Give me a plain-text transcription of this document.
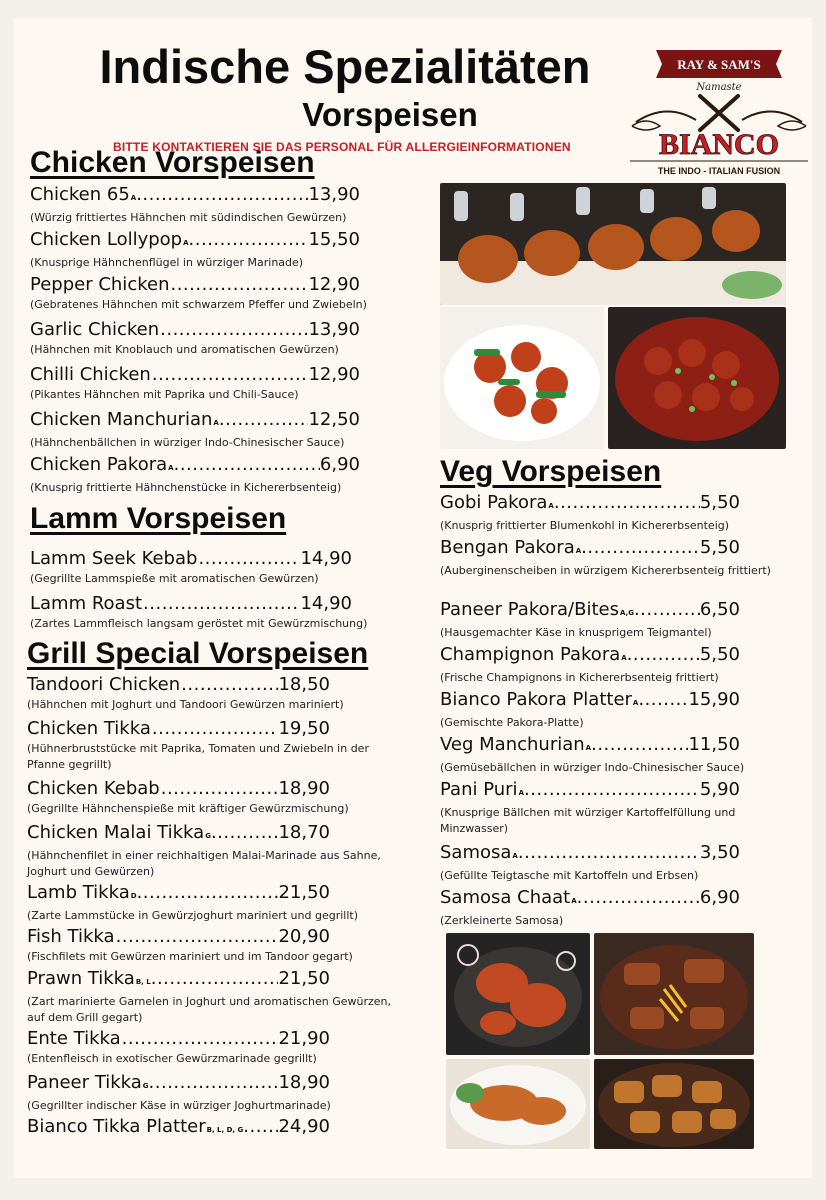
Indische Spezialitäten
Vorspeisen
BITTE KONTAKTIEREN SIE DAS PERSONAL FÜR ALLERGIEINFORMATIONEN
RAY & SAM'S
Namaste
BIANCO
THE INDO - ITALIAN FUSION
Chicken Vorspeisen
Lamm Vorspeisen
Grill Special Vorspeisen
Veg Vorspeisen
Chicken 65 A .....	13,90
(Würzig frittiertes Hähnchen mit südindischen Gewürzen)
Chicken Lollypop A .....	15,50
(Knusprige Hähnchenflügel in würziger Marinade)
Pepper Chicken .....	12,90
(Gebratenes Hähnchen mit schwarzem Pfeffer und Zwiebeln)
Garlic Chicken .....	13,90
(Hähnchen mit Knoblauch und aromatischen Gewürzen)
Chilli Chicken .....	12,90
(Pikantes Hähnchen mit Paprika und Chili-Sauce)
Chicken Manchurian A .....	12,50
(Hähnchenbällchen in würziger Indo-Chinesischer Sauce)
Chicken Pakora A .....	6,90
(Knusprig frittierte Hähnchenstücke in Kichererbsenteig)
Lamm Seek Kebab .....	14,90
(Gegrillte Lammspieße mit aromatischen Gewürzen)
Lamm Roast .....	14,90
(Zartes Lammfleisch langsam geröstet mit Gewürzmischung)
Tandoori Chicken .....	18,50
(Hähnchen mit Joghurt und Tandoori Gewürzen mariniert)
Chicken Tikka .....	19,50
(Hühnerbruststücke mit Paprika, Tomaten und Zwiebeln in der Pfanne gegrillt)
Chicken Kebab .....	18,90
(Gegrillte Hähnchenspieße mit kräftiger Gewürzmischung)
Chicken Malai Tikka G .....	18,70
(Hähnchenfilet in einer reichhaltigen Malai-Marinade aus Sahne, Joghurt und Gewürzen)
Lamb Tikka D .....	21,50
(Zarte Lammstücke in Gewürzjoghurt mariniert und gegrillt)
Fish Tikka .....	20,90
(Fischfilets mit Gewürzen mariniert und im Tandoor gegart)
Prawn Tikka B, L .....	21,50
(Zart marinierte Garnelen in Joghurt und aromatischen Gewürzen, auf dem Grill gegart)
Ente Tikka .....	21,90
(Entenfleisch in exotischer Gewürzmarinade gegrillt)
Paneer Tikka G .....	18,90
(Gegrillter indischer Käse in würziger Joghurtmarinade)
Bianco Tikka Platter B, L, D, G ..... 24,90
Gobi Pakora A .....	5,50
(Knusprig frittierter Blumenkohl in Kichererbsenteig)
Bengan Pakora A .....	5,50
(Auberginenscheiben in würzigem Kichererbsenteig frittiert)
Paneer Pakora/Bites A,G .....	6,50
(Hausgemachter Käse in knusprigem Teigmantel)
Champignon Pakora A .....	5,50
(Frische Champignons in Kichererbsenteig frittiert)
Bianco Pakora Platter A .....	15,90
(Gemischte Pakora-Platte)
Veg Manchurian A .....	11,50
(Gemüsebällchen in würziger Indo-Chinesischer Sauce)
Pani Puri A .....	5,90
(Knusprige Bällchen mit würziger Kartoffelfüllung und Minzwasser)
Samosa A .....	3,50
(Gefüllte Teigtasche mit Kartoffeln und Erbsen)
Samosa Chaat A .....	6,90
(Zerkleinerte Samosa)
